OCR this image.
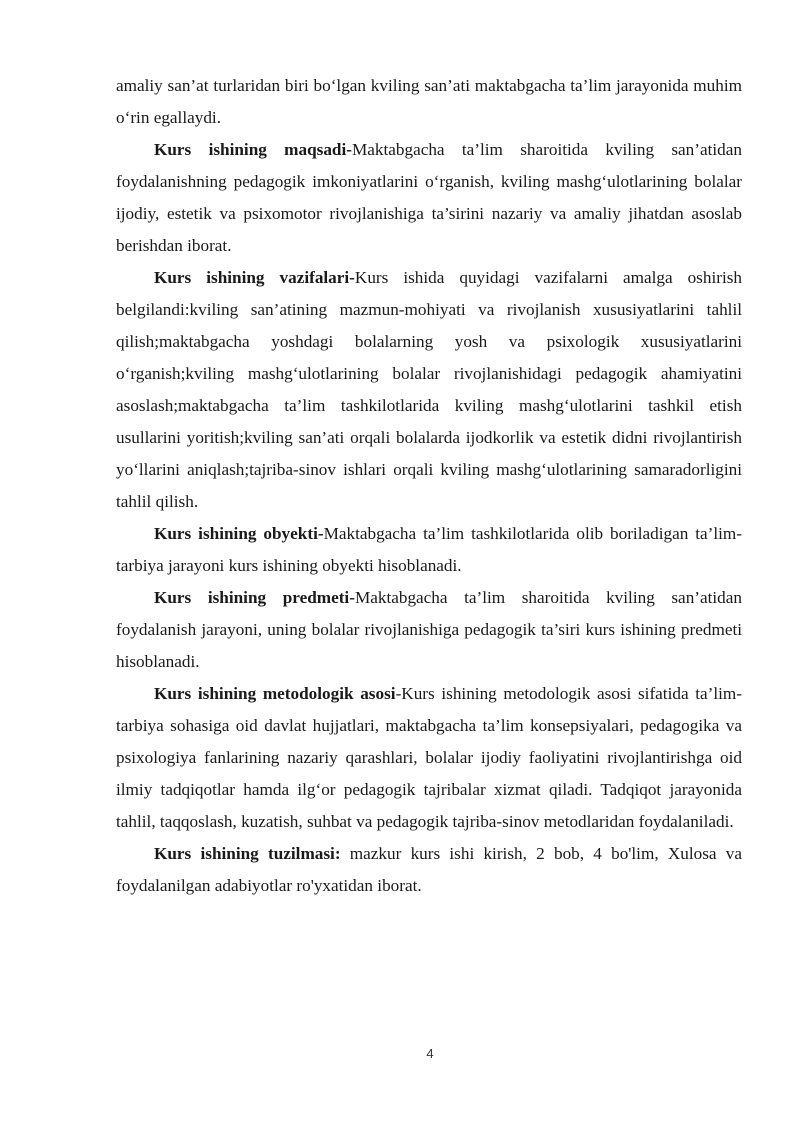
amaliy san’at turlaridan biri bo‘lgan kviling san’ati maktabgacha ta’lim jarayonida muhim o‘rin egallaydi.

Kurs ishining maqsadi-Maktabgacha ta’lim sharoitida kviling san’atidan foydalanishning pedagogik imkoniyatlarini o‘rganish, kviling mashg‘ulotlarining bolalar ijodiy, estetik va psixomotor rivojlanishiga ta’sirini nazariy va amaliy jihatdan asoslab berishdan iborat.

Kurs ishining vazifalari-Kurs ishida quyidagi vazifalarni amalga oshirish belgilandi:kviling san’atining mazmun-mohiyati va rivojlanish xususiyatlarini tahlil qilish;maktabgacha yoshdagi bolalarning yosh va psixologik xususiyatlarini o‘rganish;kviling mashg‘ulotlarining bolalar rivojlanishidagi pedagogik ahamiyatini asoslash;maktabgacha ta’lim tashkilotlarida kviling mashg‘ulotlarini tashkil etish usullarini yoritish;kviling san’ati orqali bolalarda ijodkorlik va estetik didni rivojlantirish yo‘llarini aniqlash;tajriba-sinov ishlari orqali kviling mashg‘ulotlarining samaradorligini tahlil qilish.

Kurs ishining obyekti-Maktabgacha ta’lim tashkilotlarida olib boriladigan ta’lim-tarbiya jarayoni kurs ishining obyekti hisoblanadi.

Kurs ishining predmeti-Maktabgacha ta’lim sharoitida kviling san’atidan foydalanish jarayoni, uning bolalar rivojlanishiga pedagogik ta’siri kurs ishining predmeti hisoblanadi.

Kurs ishining metodologik asosi-Kurs ishining metodologik asosi sifatida ta’lim-tarbiya sohasiga oid davlat hujjatlari, maktabgacha ta’lim konsepsiyalari, pedagogika va psixologiya fanlarining nazariy qarashlari, bolalar ijodiy faoliyatini rivojlantirishga oid ilmiy tadqiqotlar hamda ilg‘or pedagogik tajribalar xizmat qiladi. Tadqiqot jarayonida tahlil, taqqoslash, kuzatish, suhbat va pedagogik tajriba-sinov metodlaridan foydalaniladi.

Kurs ishining tuzilmasi: mazkur kurs ishi kirish, 2 bob, 4 bo'lim, Xulosa va foydalanilgan adabiyotlar ro'yxatidan iborat.

4
